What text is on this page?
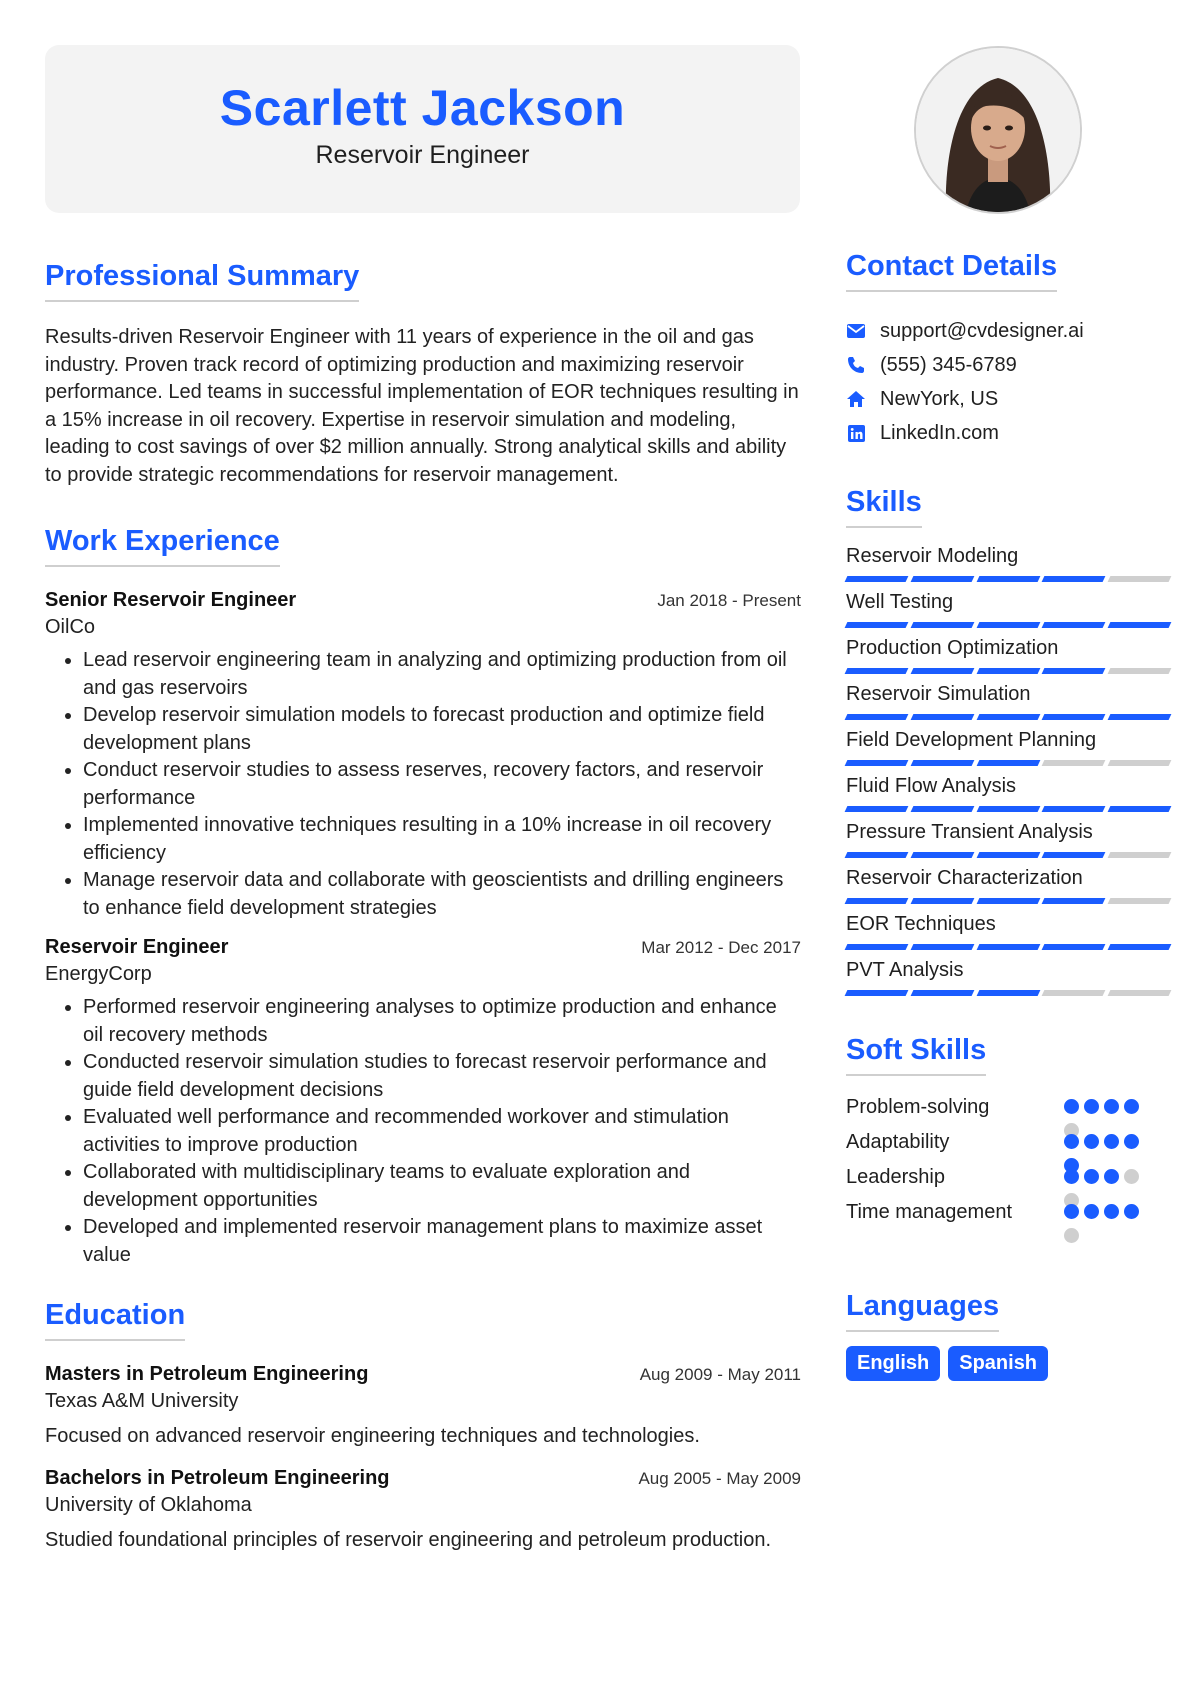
Scarlett Jackson
Reservoir Engineer
Professional Summary

Results-driven Reservoir Engineer with 11 years of experience in the oil and gas industry. Proven track record of optimizing production and maximizing reservoir performance. Led teams in successful implementation of EOR techniques resulting in a 15% increase in oil recovery. Expertise in reservoir simulation and modeling, leading to cost savings of over $2 million annually. Strong analytical skills and ability to provide strategic recommendations for reservoir management.

Work Experience
Senior Reservoir Engineer	Jan 2018 - Present
OilCo
• Lead reservoir engineering team in analyzing and optimizing production from oil and gas reservoirs
• Develop reservoir simulation models to forecast production and optimize field development plans
• Conduct reservoir studies to assess reserves, recovery factors, and reservoir performance
• Implemented innovative techniques resulting in a 10% increase in oil recovery efficiency
• Manage reservoir data and collaborate with geoscientists and drilling engineers to enhance field development strategies
Reservoir Engineer	Mar 2012 - Dec 2017
EnergyCorp
• Performed reservoir engineering analyses to optimize production and enhance oil recovery methods
• Conducted reservoir simulation studies to forecast reservoir performance and guide field development decisions
• Evaluated well performance and recommended workover and stimulation activities to improve production
• Collaborated with multidisciplinary teams to evaluate exploration and development opportunities
• Developed and implemented reservoir management plans to maximize asset value
Education
Masters in Petroleum Engineering	Aug 2009 - May 2011
Texas A&M University
Focused on advanced reservoir engineering techniques and technologies.
Bachelors in Petroleum Engineering	Aug 2005 - May 2009
University of Oklahoma
Studied foundational principles of reservoir engineering and petroleum production.
Contact Details
support@cvdesigner.ai
(555) 345-6789
NewYork, US
LinkedIn.com
Skills
Reservoir Modeling
Well Testing
Production Optimization
Reservoir Simulation
Field Development Planning
Fluid Flow Analysis
Pressure Transient Analysis
Reservoir Characterization
EOR Techniques
PVT Analysis
Soft Skills
Problem-solving
Adaptability
Leadership
Time management
Languages
English	Spanish
